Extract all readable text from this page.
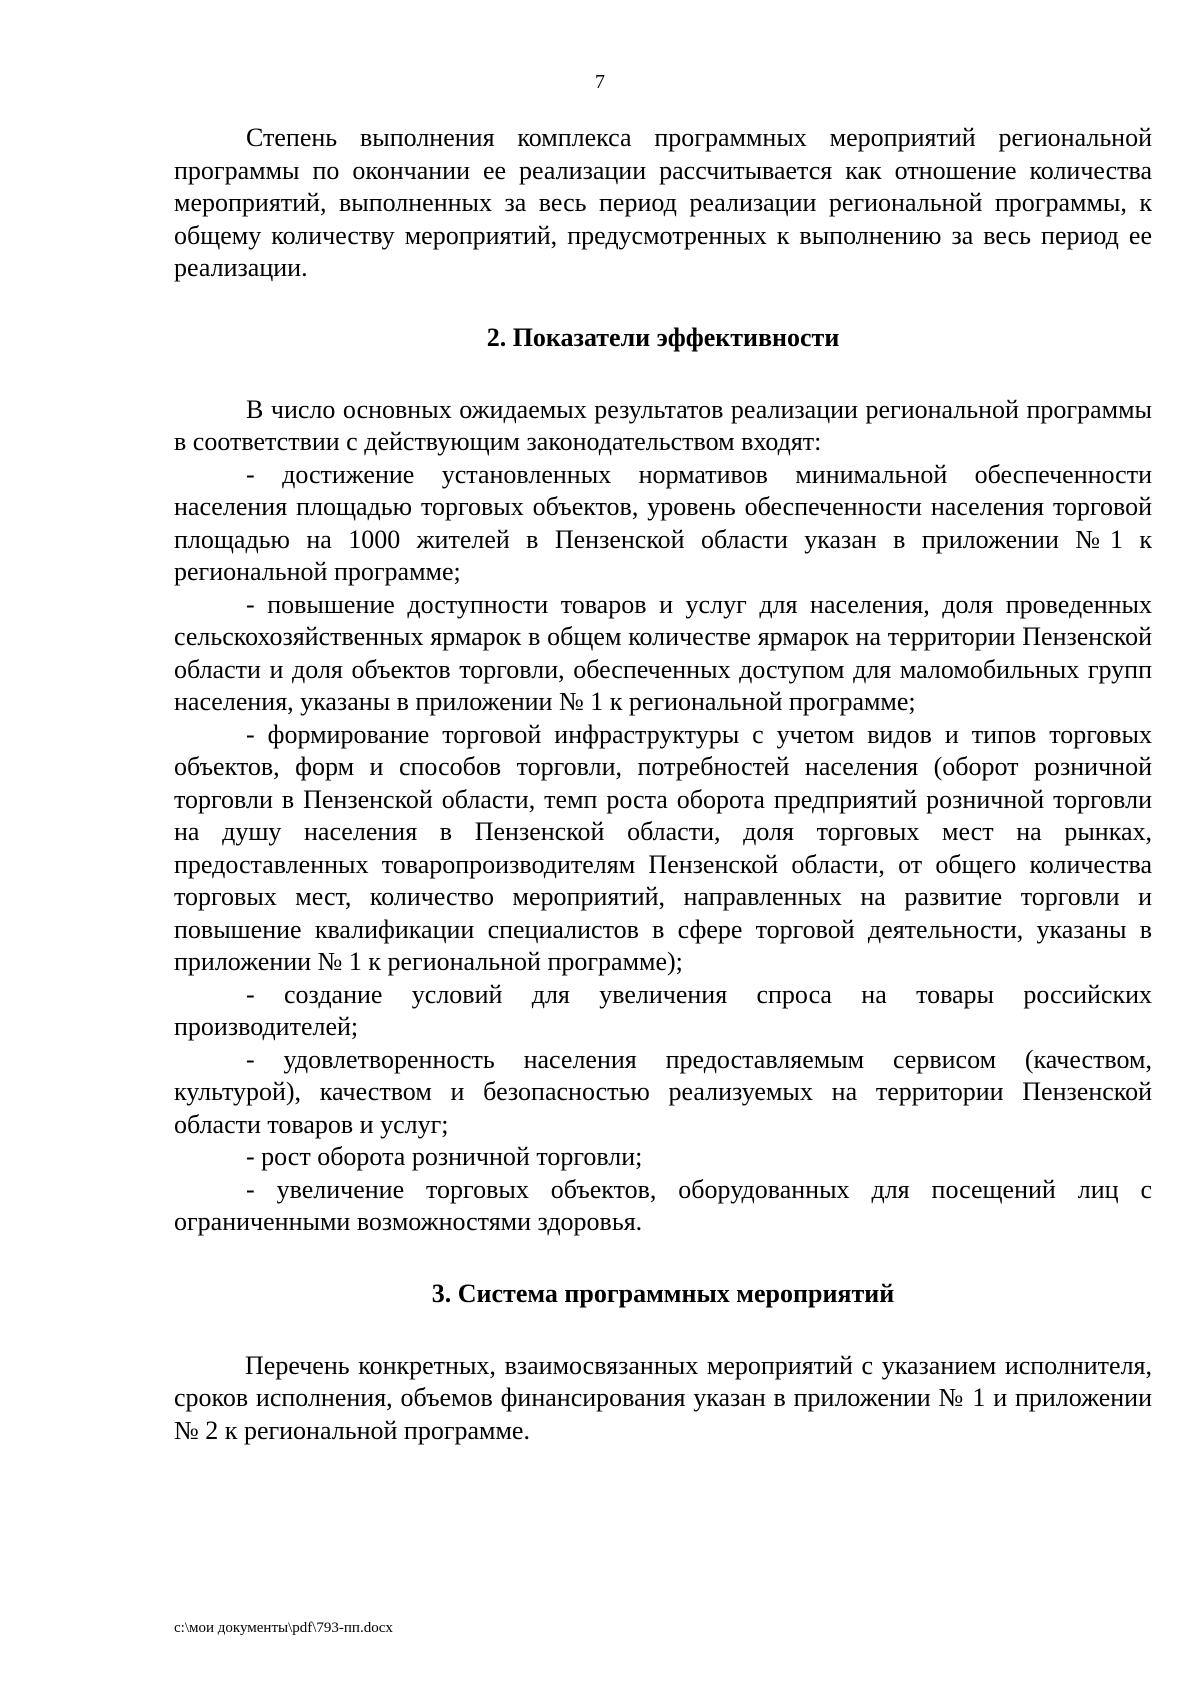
7

Степень выполнения комплекса программных мероприятий региональной программы по окончании ее реализации рассчитывается как отношение количества мероприятий, выполненных за весь период реализации региональной программы, к общему количеству мероприятий, предусмотренных к выполнению за весь период ее реализации.

2. Показатели эффективности

В число основных ожидаемых результатов реализации региональной программы в соответствии с действующим законодательством входят:

- достижение установленных нормативов минимальной обеспеченности населения площадью торговых объектов, уровень обеспеченности населения торговой площадью на 1000 жителей в Пензенской области указан в приложении №1 к региональной программе;

- повышение доступности товаров и услуг для населения, доля проведенных сельскохозяйственных ярмарок в общем количестве ярмарок на территории Пензенской области и доля объектов торговли, обеспеченных доступом для маломобильных групп населения, указаны в приложении № 1 к региональной программе;

- формирование торговой инфраструктуры с учетом видов и типов торговых объектов, форм и способов торговли, потребностей населения (оборот розничной торговли в Пензенской области, темп роста оборота предприятий розничной торговли на душу населения в Пензенской области, доля торговых мест на рынках, предоставленных товаропроизводителям Пензенской области, от общего количества торговых мест, количество мероприятий, направленных на развитие торговли и повышение квалификации специалистов в сфере торговой деятельности, указаны в приложении № 1 к региональной программе);

- создание условий для увеличения спроса на товары российских производителей;

- удовлетворенность населения предоставляемым сервисом (качеством, культурой), качеством и безопасностью реализуемых на территории Пензенской области товаров и услуг;

- рост оборота розничной торговли;

- увеличение торговых объектов, оборудованных для посещений лиц с ограниченными возможностями здоровья.

3. Система программных мероприятий

Перечень конкретных, взаимосвязанных мероприятий с указанием исполнителя, сроков исполнения, объемов финансирования указан в приложении № 1 и приложении № 2 к региональной программе.

c:\мои документы\pdf\793-пп.docx
